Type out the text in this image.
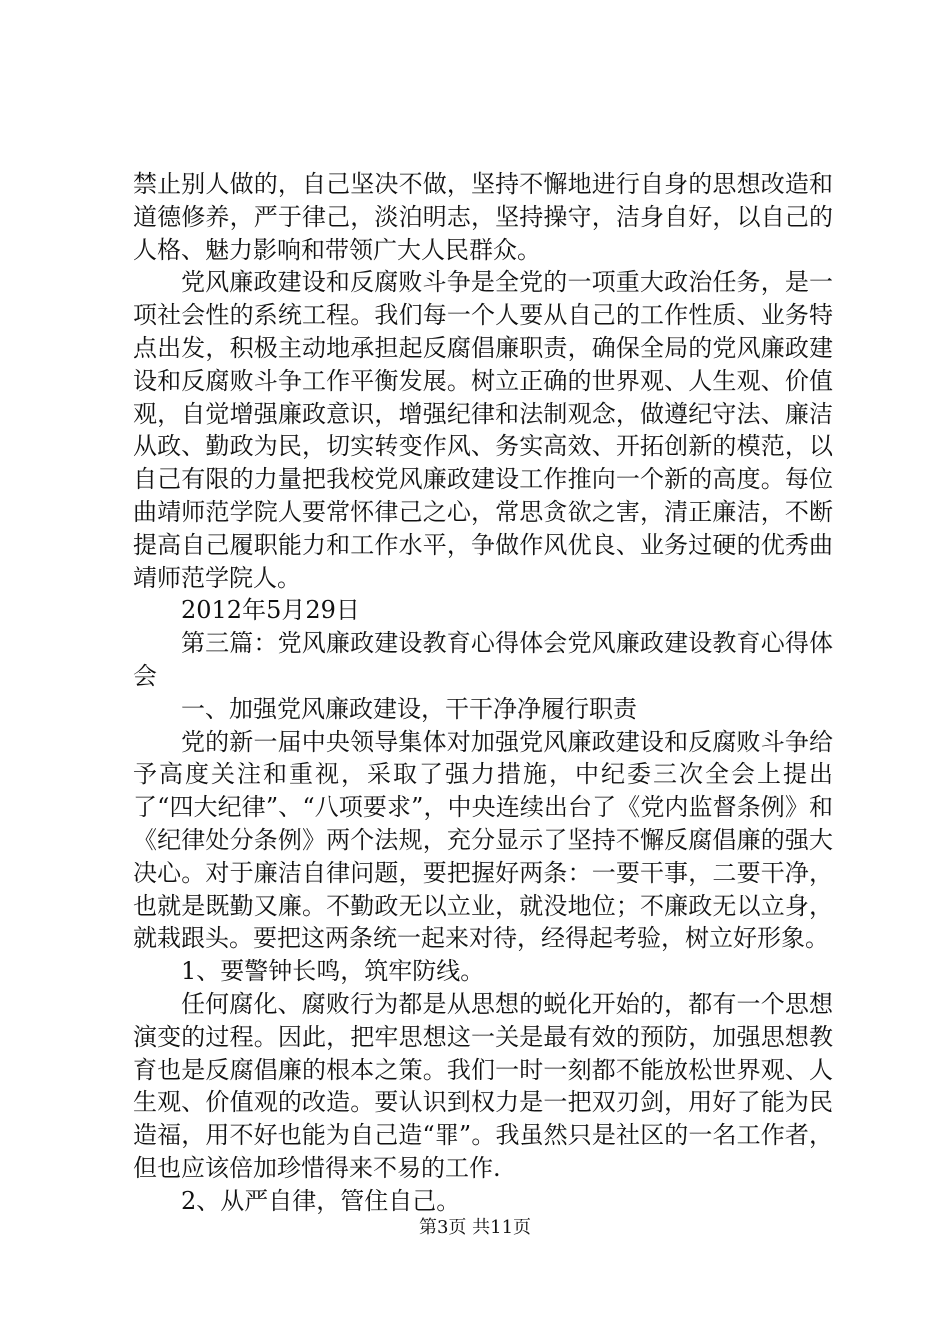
禁止别人做的，自己坚决不做，坚持不懈地进行自身的思想改造和道德修养，严于律己，淡泊明志，坚持操守，洁身自好，以自己的人格、魅力影响和带领广大人民群众。

党风廉政建设和反腐败斗争是全党的一项重大政治任务，是一项社会性的系统工程。我们每一个人要从自己的工作性质、业务特点出发，积极主动地承担起反腐倡廉职责，确保全局的党风廉政建设和反腐败斗争工作平衡发展。树立正确的世界观、人生观、价值观，自觉增强廉政意识，增强纪律和法制观念，做遵纪守法、廉洁从政、勤政为民，切实转变作风、务实高效、开拓创新的模范，以自己有限的力量把我校党风廉政建设工作推向一个新的高度。每位曲靖师范学院人要常怀律己之心，常思贪欲之害，清正廉洁，不断提高自己履职能力和工作水平，争做作风优良、业务过硬的优秀曲靖师范学院人。

2012年5月29日

第三篇：党风廉政建设教育心得体会党风廉政建设教育心得体会

一、加强党风廉政建设，干干净净履行职责

党的新一届中央领导集体对加强党风廉政建设和反腐败斗争给予高度关注和重视，采取了强力措施，中纪委三次全会上提出了“四大纪律”、“八项要求”，中央连续出台了《党内监督条例》和《纪律处分条例》两个法规，充分显示了坚持不懈反腐倡廉的强大决心。对于廉洁自律问题，要把握好两条：一要干事，二要干净，也就是既勤又廉。不勤政无以立业，就没地位；不廉政无以立身，就栽跟头。要把这两条统一起来对待，经得起考验，树立好形象。

1、要警钟长鸣，筑牢防线。

任何腐化、腐败行为都是从思想的蜕化开始的，都有一个思想演变的过程。因此，把牢思想这一关是最有效的预防，加强思想教育也是反腐倡廉的根本之策。我们一时一刻都不能放松世界观、人生观、价值观的改造。要认识到权力是一把双刃剑，用好了能为民造福，用不好也能为自己造“罪”。我虽然只是社区的一名工作者，但也应该倍加珍惜得来不易的工作.

2、从严自律，管住自己。

第3页 共11页
